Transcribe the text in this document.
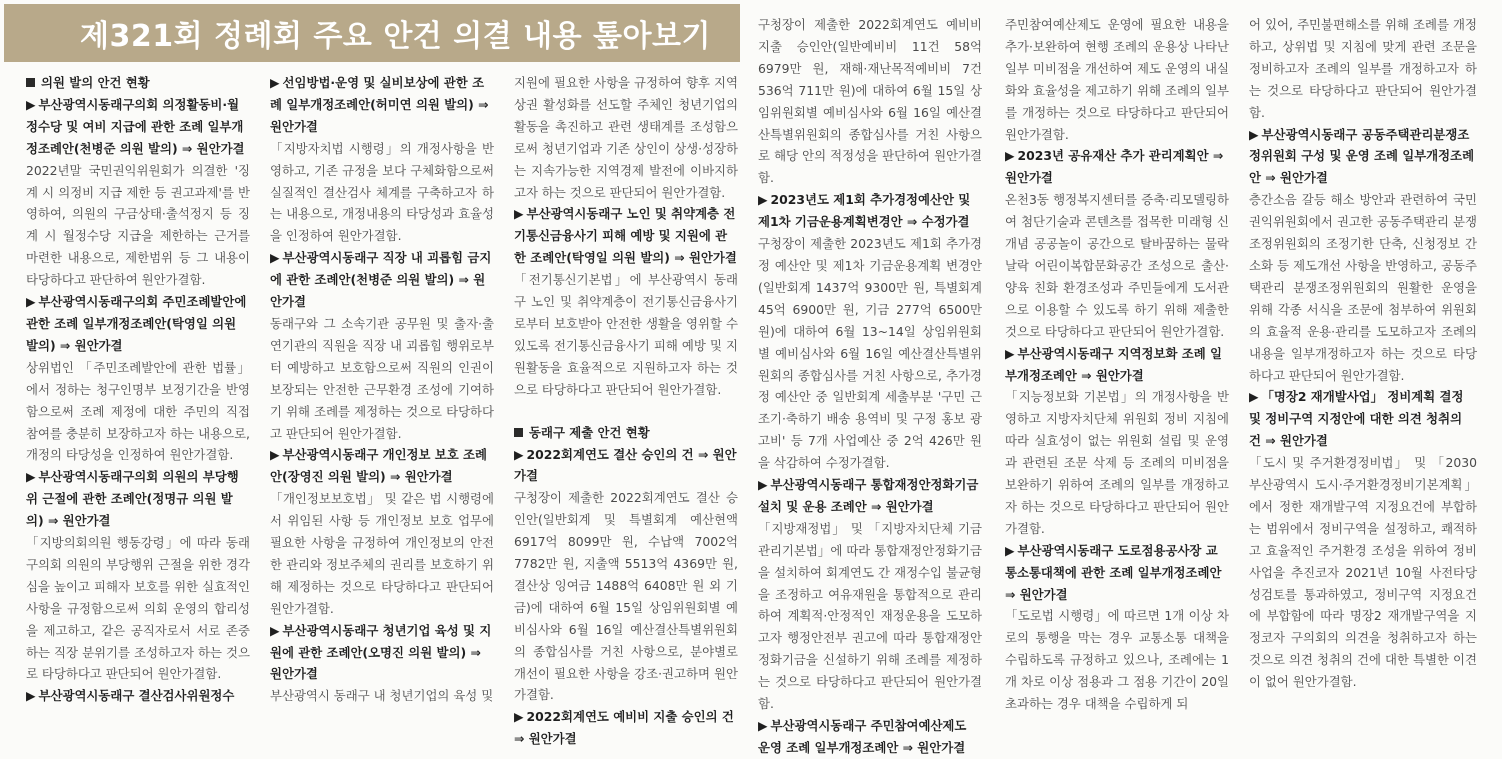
제321회 정례회 주요 안건 의결 내용 톺아보기

의원 발의 안건 현황

▶ 부산광역시동래구의회 의정활동비·월정수당 및 여비 지급에 관한 조례 일부개정조례안(천병준 의원 발의) ⇒ 원안가결

2022년말 국민권익위원회가 의결한 '징계 시 의정비 지급 제한 등 권고과제'를 반영하여, 의원의 구금상태·출석정지 등 징계 시 월정수당 지급을 제한하는 근거를 마련한 내용으로, 제한범위 등 그 내용이 타당하다고 판단하여 원안가결함.

▶ 부산광역시동래구의회 주민조례발안에 관한 조례 일부개정조례안(탁영일 의원 발의) ⇒ 원안가결

상위법인 「주민조례발안에 관한 법률」에서 정하는 청구인명부 보정기간을 반영함으로써 조례 제정에 대한 주민의 직접 참여를 충분히 보장하고자 하는 내용으로, 개정의 타당성을 인정하여 원안가결함.

▶ 부산광역시동래구의회 의원의 부당행위 근절에 관한 조례안(정명규 의원 발의) ⇒ 원안가결

「지방의회의원 행동강령」에 따라 동래구의회 의원의 부당행위 근절을 위한 경각심을 높이고 피해자 보호를 위한 실효적인 사항을 규정함으로써 의회 운영의 합리성을 제고하고, 같은 공직자로서 서로 존중하는 직장 분위기를 조성하고자 하는 것으로 타당하다고 판단되어 원안가결함.

▶ 부산광역시동래구 결산검사위원정수

▶ 선임방법·운영 및 실비보상에 관한 조례 일부개정조례안(허미연 의원 발의) ⇒ 원안가결

「지방자치법 시행령」의 개정사항을 반영하고, 기존 규정을 보다 구체화함으로써 실질적인 결산검사 체계를 구축하고자 하는 내용으로, 개정내용의 타당성과 효율성을 인정하여 원안가결함.

▶ 부산광역시동래구 직장 내 괴롭힘 금지에 관한 조례안(천병준 의원 발의) ⇒ 원안가결

동래구와 그 소속기관 공무원 및 출자·출연기관의 직원을 직장 내 괴롭힘 행위로부터 예방하고 보호함으로써 직원의 인권이 보장되는 안전한 근무환경 조성에 기여하기 위해 조례를 제정하는 것으로 타당하다고 판단되어 원안가결함.

▶ 부산광역시동래구 개인정보 보호 조례안(장영진 의원 발의) ⇒ 원안가결

「개인정보보호법」 및 같은 법 시행령에서 위임된 사항 등 개인정보 보호 업무에 필요한 사항을 규정하여 개인정보의 안전한 관리와 정보주체의 권리를 보호하기 위해 제정하는 것으로 타당하다고 판단되어 원안가결함.

▶ 부산광역시동래구 청년기업 육성 및 지원에 관한 조례안(오명진 의원 발의) ⇒ 원안가결

부산광역시 동래구 내 청년기업의 육성 및

지원에 필요한 사항을 규정하여 향후 지역 상권 활성화를 선도할 주체인 청년기업의 활동을 촉진하고 관련 생태계를 조성함으로써 청년기업과 기존 상인이 상생·성장하는 지속가능한 지역경제 발전에 이바지하고자 하는 것으로 판단되어 원안가결함.

▶ 부산광역시동래구 노인 및 취약계층 전기통신금융사기 피해 예방 및 지원에 관한 조례안(탁영일 의원 발의) ⇒ 원안가결

「전기통신기본법」에 부산광역시 동래구 노인 및 취약계층이 전기통신금융사기로부터 보호받아 안전한 생활을 영위할 수 있도록 전기통신금융사기 피해 예방 및 지원활동을 효율적으로 지원하고자 하는 것으로 타당하다고 판단되어 원안가결함.

동래구 제출 안건 현황

▶ 2022회계연도 결산 승인의 건 ⇒ 원안가결

구청장이 제출한 2022회계연도 결산 승인안(일반회계 및 특별회계 예산현액 6917억 8099만 원, 수납액 7002억 7782만 원, 지출액 5513억 4369만 원, 결산상 잉여금 1488억 6408만 원 외 기금)에 대하여 6월 15일 상임위원회별 예비심사와 6월 16일 예산결산특별위원회의 종합심사를 거친 사항으로, 분야별로 개선이 필요한 사항을 강조·권고하며 원안가결함.

▶ 2022회계연도 예비비 지출 승인의 건 ⇒ 원안가결

구청장이 제출한 2022회계연도 예비비 지출 승인안(일반예비비 11건 58억 6979만 원, 재해·재난목적예비비 7건 536억 711만 원)에 대하여 6월 15일 상임위원회별 예비심사와 6월 16일 예산결산특별위원회의 종합심사를 거친 사항으로 해당 안의 적정성을 판단하여 원안가결함.

▶ 2023년도 제1회 추가경정예산안 및 제1차 기금운용계획변경안 ⇒ 수정가결

구청장이 제출한 2023년도 제1회 추가경정 예산안 및 제1차 기금운용계획 변경안(일반회계 1437억 9300만 원, 특별회계 45억 6900만 원, 기금 277억 6500만 원)에 대하여 6월 13~14일 상임위원회별 예비심사와 6월 16일 예산결산특별위원회의 종합심사를 거친 사항으로, 추가경정 예산안 중 일반회계 세출부분 '구민 근조기·축하기 배송 용역비 및 구정 홍보 광고비' 등 7개 사업예산 중 2억 426만 원을 삭감하여 수정가결함.

▶ 부산광역시동래구 통합재정안정화기금 설치 및 운용 조례안 ⇒ 원안가결

「지방재정법」 및 「지방자치단체 기금관리기본법」에 따라 통합재정안정화기금을 설치하여 회계연도 간 재정수입 불균형을 조정하고 여유재원을 통합적으로 관리하여 계획적·안정적인 재정운용을 도모하고자 행정안전부 권고에 따라 통합재정안정화기금을 신설하기 위해 조례를 제정하는 것으로 타당하다고 판단되어 원안가결함.

▶ 부산광역시동래구 주민참여예산제도 운영 조례 일부개정조례안 ⇒ 원안가결

주민참여예산제도 운영에 필요한 내용을 추가·보완하여 현행 조례의 운용상 나타난 일부 미비점을 개선하여 제도 운영의 내실화와 효율성을 제고하기 위해 조례의 일부를 개정하는 것으로 타당하다고 판단되어 원안가결함.

▶ 2023년 공유재산 추가 관리계획안 ⇒ 원안가결

온천3동 행정복지센터를 증축·리모델링하여 첨단기술과 콘텐츠를 접목한 미래형 신개념 공공놀이 공간으로 탈바꿈하는 물락날락 어린이복합문화공간 조성으로 출산·양육 친화 환경조성과 주민들에게 도서관으로 이용할 수 있도록 하기 위해 제출한 것으로 타당하다고 판단되어 원안가결함.

▶ 부산광역시동래구 지역정보화 조례 일부개정조례안 ⇒ 원안가결

「지능정보화 기본법」의 개정사항을 반영하고 지방자치단체 위원회 정비 지침에 따라 실효성이 없는 위원회 설립 및 운영과 관련된 조문 삭제 등 조례의 미비점을 보완하기 위하여 조례의 일부를 개정하고자 하는 것으로 타당하다고 판단되어 원안가결함.

▶ 부산광역시동래구 도로점용공사장 교통소통대책에 관한 조례 일부개정조례안 ⇒ 원안가결

「도로법 시행령」에 따르면 1개 이상 차로의 통행을 막는 경우 교통소통 대책을 수립하도록 규정하고 있으나, 조례에는 1개 차로 이상 점용과 그 점용 기간이 20일 초과하는 경우 대책을 수립하게 되

어 있어, 주민불편해소를 위해 조례를 개정하고, 상위법 및 지침에 맞게 관련 조문을 정비하고자 조례의 일부를 개정하고자 하는 것으로 타당하다고 판단되어 원안가결함.

▶ 부산광역시동래구 공동주택관리분쟁조정위원회 구성 및 운영 조례 일부개정조례안 ⇒ 원안가결

층간소음 갈등 해소 방안과 관련하여 국민권익위원회에서 권고한 공동주택관리 분쟁조정위원회의 조정기한 단축, 신청정보 간소화 등 제도개선 사항을 반영하고, 공동주택관리 분쟁조정위원회의 원활한 운영을 위해 각종 서식을 조문에 첨부하여 위원회의 효율적 운용·관리를 도모하고자 조례의 내용을 일부개정하고자 하는 것으로 타당하다고 판단되어 원안가결함.

▶ 「명장2 재개발사업」 정비계획 결정 및 정비구역 지정안에 대한 의견 청취의 건 ⇒ 원안가결

「도시 및 주거환경정비법」 및 「2030 부산광역시 도시·주거환경정비기본계획」에서 정한 재개발구역 지정요건에 부합하는 범위에서 정비구역을 설정하고, 쾌적하고 효율적인 주거환경 조성을 위하여 정비사업을 추진코자 2021년 10월 사전타당성검토를 통과하였고, 정비구역 지정요건에 부합함에 따라 명장2 재개발구역을 지정코자 구의회의 의견을 청취하고자 하는 것으로 의견 청취의 건에 대한 특별한 이견이 없어 원안가결함.
